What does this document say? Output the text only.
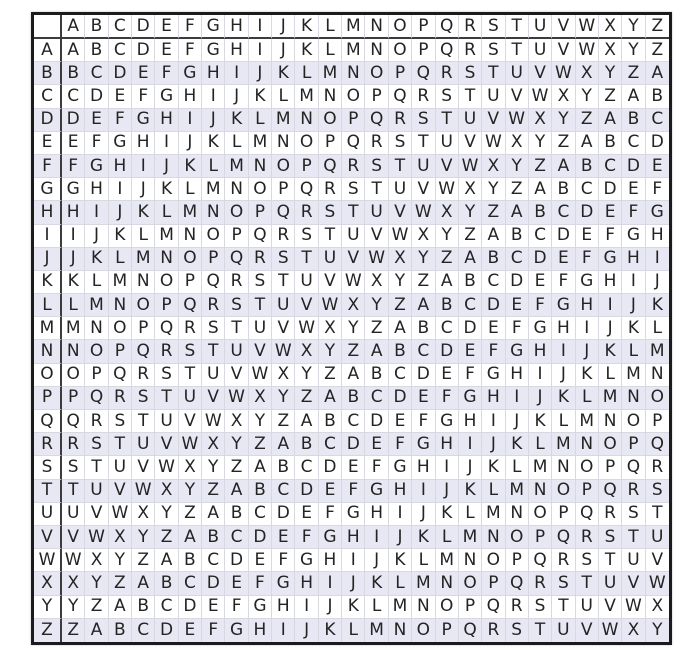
A B C D E F G H I	J K L M N O P Q R S T U V W X Y Z
A A B C D E F G H I	J K L M N O P Q R S T U V W X Y Z
B B C D E F G H I	J K L M N O P Q R S T U V W X Y Z A
C C D E F G H I	J K L M N O P Q R S T U V W X Y Z A B
D D E F G H I	J K L M N O P Q R S T U V W X Y Z A B C
E E F G H I	J K L M N O P Q R S T U V W X Y Z A B C D
F F G H I	J K L M N O P Q R S T U V W X Y Z A B C D E
G G H I	J K L M N O P Q R S T U V W X Y Z A B C D E F
H H I	J K L M N O P Q R S T U V W X Y Z A B C D E F G
I	I	J K L M N O P Q R S T U V W X Y Z A B C D E F G H
J	J K L M N O P Q R S T U V W X Y Z A B C D E F G H I
K K L M N O P Q R S T U V W X Y Z A B C D E F G H I	J
L L M N O P Q R S T U V W X Y Z A B C D E F G H I	J K
M M N O P Q R S T U V W X Y Z A B C D E F G H I	J K L
N N O P Q R S T U V W X Y Z A B C D E F G H I	J K L M
O O P Q R S T U V W X Y Z A B C D E F G H I	J K L M N
P P Q R S T U V W X Y Z A B C D E F G H I	J K L M N O
Q Q R S T U V W X Y Z A B C D E F G H I	J K L M N O P
R R S T U V W X Y Z A B C D E F G H I	J K L M N O P Q
S S T U V W X Y Z A B C D E F G H I	J K L M N O P Q R
T T U V W X Y Z A B C D E F G H I	J K L M N O P Q R S
U U V W X Y Z A B C D E F G H I	J K L M N O P Q R S T
V V W X Y Z A B C D E F G H I	J K L M N O P Q R S T U
W W X Y Z A B C D E F G H I	J K L M N O P Q R S T U V
X X Y Z A B C D E F G H I	J K L M N O P Q R S T U V W
Y Y Z A B C D E F G H I	J K L M N O P Q R S T U V W X
Z Z A B C D E F G H I	J K L M N O P Q R S T U V W X Y
